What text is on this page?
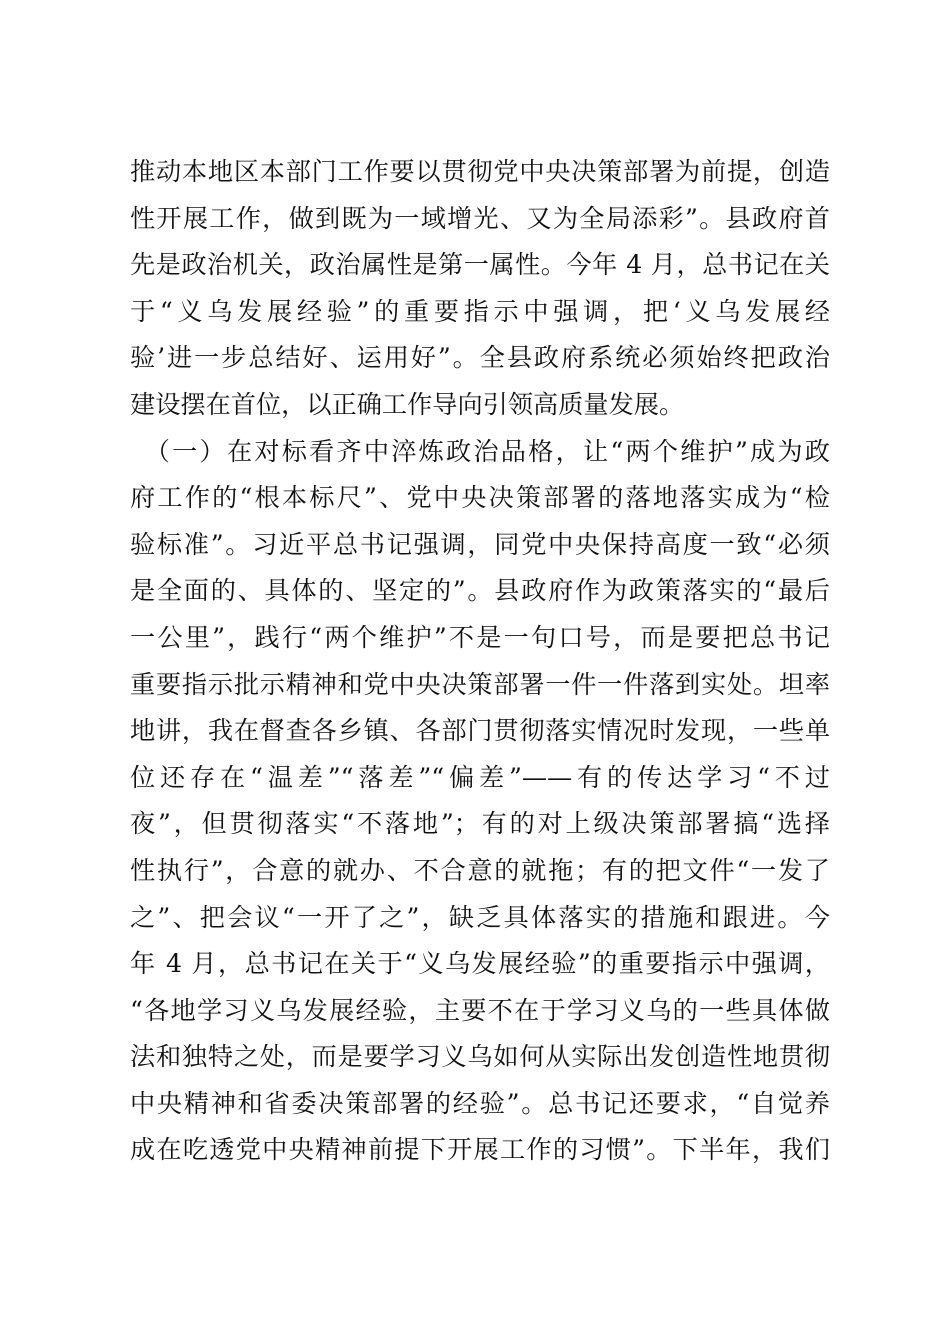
推动本地区本部门工作要以贯彻党中央决策部署为前提，创造
性开展工作，做到既为一域增光、又为全局添彩”。县政府首
先是政治机关，政治属性是第一属性。今年 4 月，总书记在关
于“义乌发展经验”的重要指示中强调，把‘义乌发展经
验’进一步总结好、运用好”。全县政府系统必须始终把政治
建设摆在首位，以正确工作导向引领高质量发展。
　（一）在对标看齐中淬炼政治品格，让“两个维护”成为政
府工作的“根本标尺”、党中央决策部署的落地落实成为“检
验标准”。习近平总书记强调，同党中央保持高度一致“必须
是全面的、具体的、坚定的”。县政府作为政策落实的“最后
一公里”，践行“两个维护”不是一句口号，而是要把总书记
重要指示批示精神和党中央决策部署一件一件落到实处。坦率
地讲，我在督查各乡镇、各部门贯彻落实情况时发现，一些单
位还存在“温差”“落差”“偏差”——有的传达学习“不过
夜”，但贯彻落实“不落地”；有的对上级决策部署搞“选择
性执行”，合意的就办、不合意的就拖；有的把文件“一发了
之”、把会议“一开了之”，缺乏具体落实的措施和跟进。今
年 4 月，总书记在关于“义乌发展经验”的重要指示中强调，
“各地学习义乌发展经验，主要不在于学习义乌的一些具体做
法和独特之处，而是要学习义乌如何从实际出发创造性地贯彻
中央精神和省委决策部署的经验”。总书记还要求，“自觉养
成在吃透党中央精神前提下开展工作的习惯”。下半年，我们
